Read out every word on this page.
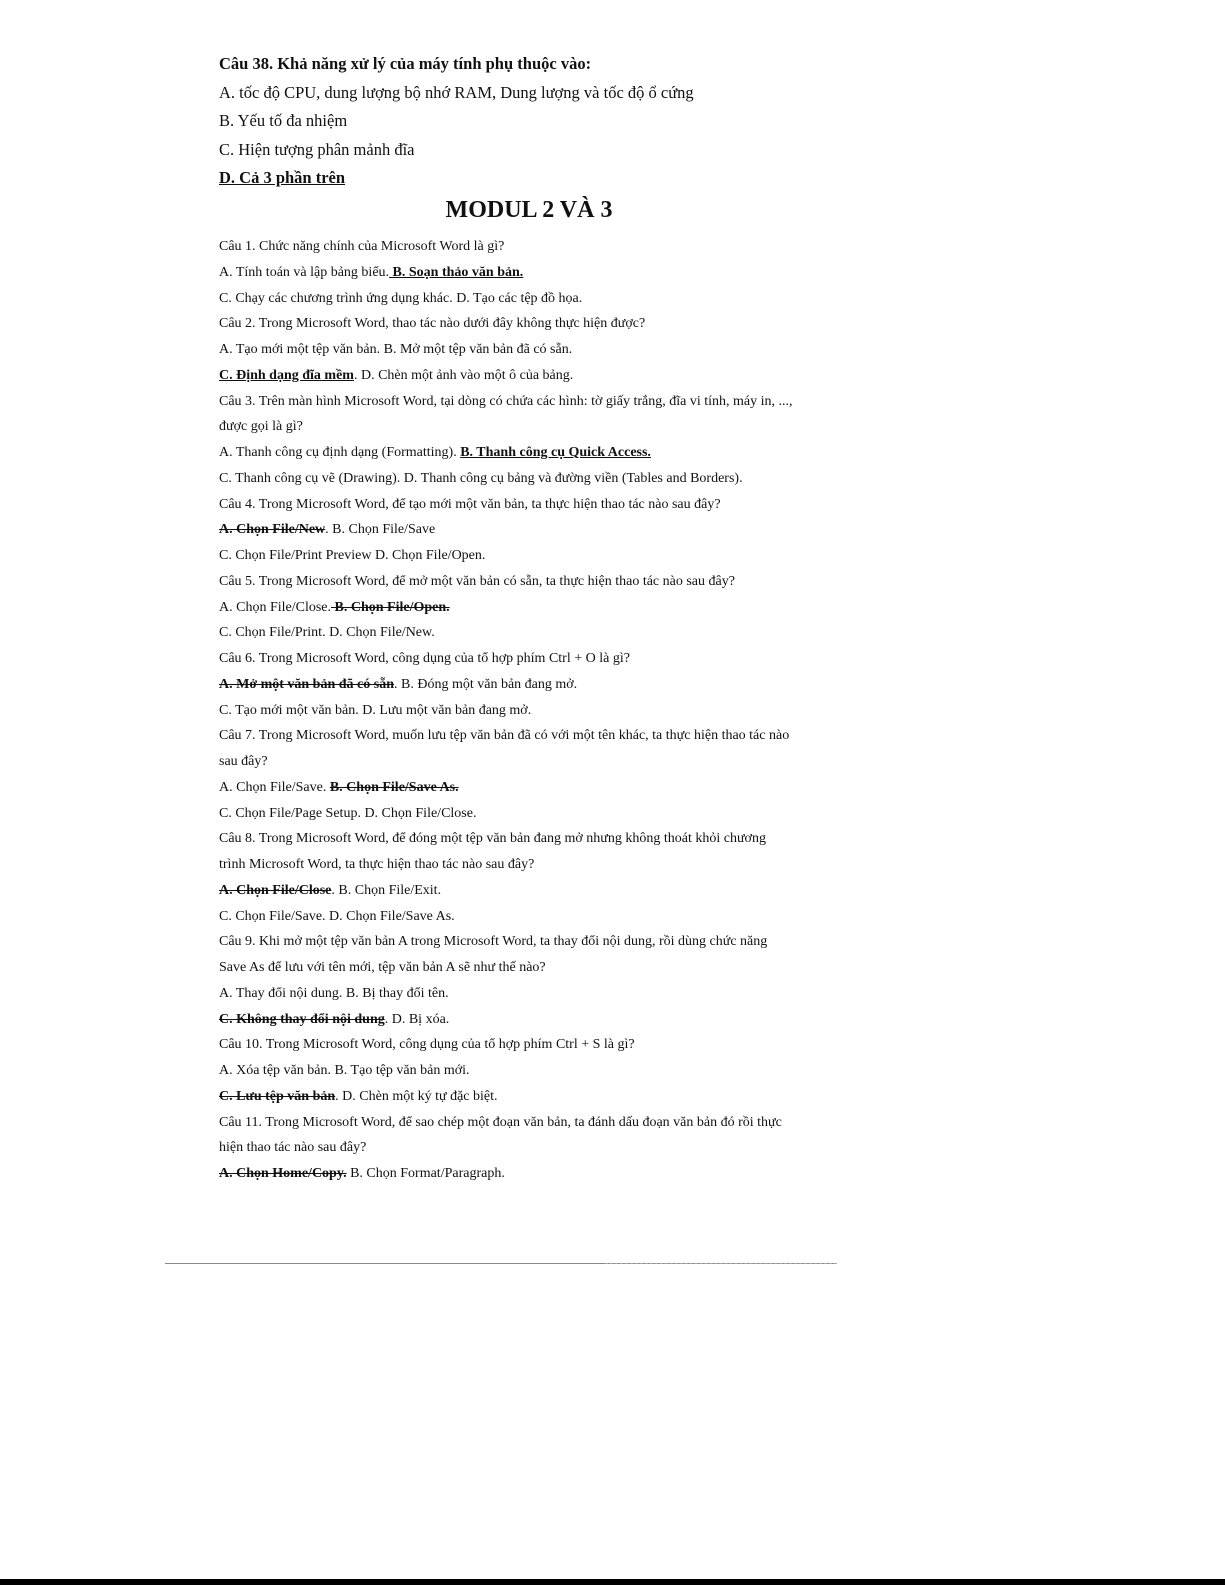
Câu 38. Khả năng xử lý của máy tính phụ thuộc vào:
A. tốc độ CPU, dung lượng bộ nhớ RAM, Dung lượng và tốc độ ổ cứng
B. Yếu tố đa nhiệm
C. Hiện tượng phân mảnh đĩa
D. Cả 3 phần trên
MODUL 2 VÀ 3
Câu 1. Chức năng chính của Microsoft Word là gì?
A. Tính toán và lập bảng biểu. B. Soạn thảo văn bản.
C. Chạy các chương trình ứng dụng khác. D. Tạo các tệp đồ họa.
Câu 2. Trong Microsoft Word, thao tác nào dưới đây không thực hiện được?
A. Tạo mới một tệp văn bản. B. Mở một tệp văn bản đã có sẵn.
C. Định dạng đĩa mềm. D. Chèn một ảnh vào một ô của bảng.
Câu 3. Trên màn hình Microsoft Word, tại dòng có chứa các hình: tờ giấy trắng, đĩa vi tính, máy in, ...,
được gọi là gì?
A. Thanh công cụ định dạng (Formatting). B. Thanh công cụ Quick Access.
C. Thanh công cụ vẽ (Drawing). D. Thanh công cụ bảng và đường viền (Tables and Borders).
Câu 4. Trong Microsoft Word, để tạo mới một văn bản, ta thực hiện thao tác nào sau đây?
A. Chọn File/New. B. Chọn File/Save
C. Chọn File/Print Preview D. Chọn File/Open.
Câu 5. Trong Microsoft Word, để mở một văn bản có sẵn, ta thực hiện thao tác nào sau đây?
A. Chọn File/Close. B. Chọn File/Open.
C. Chọn File/Print. D. Chọn File/New.
Câu 6. Trong Microsoft Word, công dụng của tổ hợp phím Ctrl + O là gì?
A. Mở một văn bản đã có sẵn. B. Đóng một văn bản đang mở.
C. Tạo mới một văn bản. D. Lưu một văn bản đang mở.
Câu 7. Trong Microsoft Word, muốn lưu tệp văn bản đã có với một tên khác, ta thực hiện thao tác nào
sau đây?
A. Chọn File/Save. B. Chọn File/Save As.
C. Chọn File/Page Setup. D. Chọn File/Close.
Câu 8. Trong Microsoft Word, để đóng một tệp văn bản đang mở nhưng không thoát khỏi chương
trình Microsoft Word, ta thực hiện thao tác nào sau đây?
A. Chọn File/Close. B. Chọn File/Exit.
C. Chọn File/Save. D. Chọn File/Save As.
Câu 9. Khi mở một tệp văn bản A trong Microsoft Word, ta thay đổi nội dung, rồi dùng chức năng
Save As để lưu với tên mới, tệp văn bản A sẽ như thế nào?
A. Thay đổi nội dung. B. Bị thay đổi tên.
C. Không thay đổi nội dung. D. Bị xóa.
Câu 10. Trong Microsoft Word, công dụng của tổ hợp phím Ctrl + S là gì?
A. Xóa tệp văn bản. B. Tạo tệp văn bản mới.
C. Lưu tệp văn bản. D. Chèn một ký tự đặc biệt.
Câu 11. Trong Microsoft Word, để sao chép một đoạn văn bản, ta đánh dấu đoạn văn bản đó rồi thực
hiện thao tác nào sau đây?
A. Chọn Home/Copy. B. Chọn Format/Paragraph.
